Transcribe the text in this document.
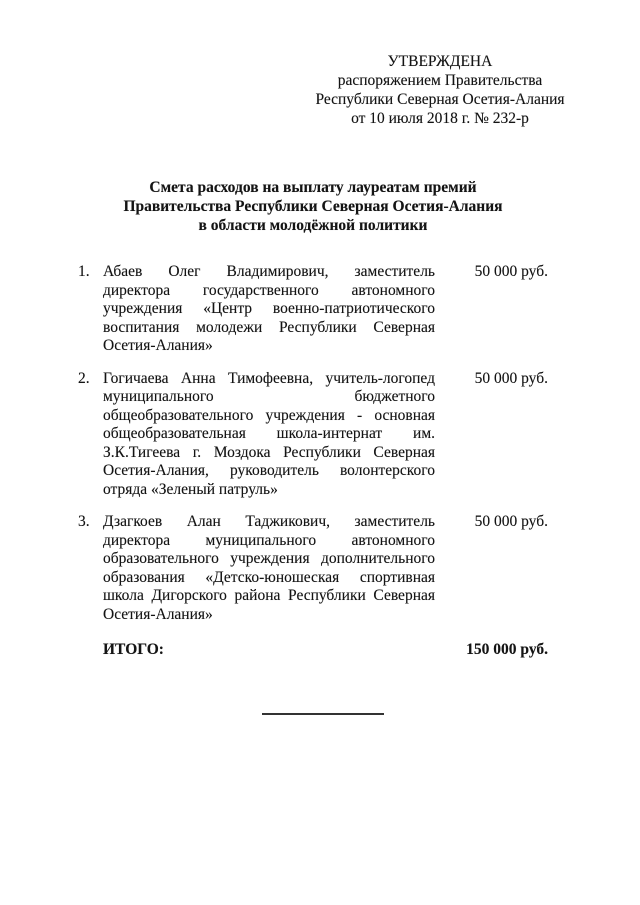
УТВЕРЖДЕНА
распоряжением Правительства
Республики Северная Осетия-Алания
от 10 июля 2018 г. № 232-р
Смета расходов на выплату лауреатам премий
Правительства Республики Северная Осетия-Алания
в области молодёжной политики
1. Абаев Олег Владимирович, заместитель директора государственного автономного учреждения «Центр военно-патриотического воспитания молодежи Республики Северная Осетия-Алания»
50 000 руб.
2. Гогичаева Анна Тимофеевна, учитель-логопед муниципального бюджетного общеобразовательного учреждения - основная общеобразовательная школа-интернат им. З.К.Тигеева г. Моздока Республики Северная Осетия-Алания, руководитель волонтерского отряда «Зеленый патруль»
50 000 руб.
3. Дзагкоев Алан Таджикович, заместитель директора муниципального автономного образовательного учреждения дополнительного образования «Детско-юношеская спортивная школа Дигорского района Республики Северная Осетия-Алания»
50 000 руб.
ИТОГО:	150 000 руб.
